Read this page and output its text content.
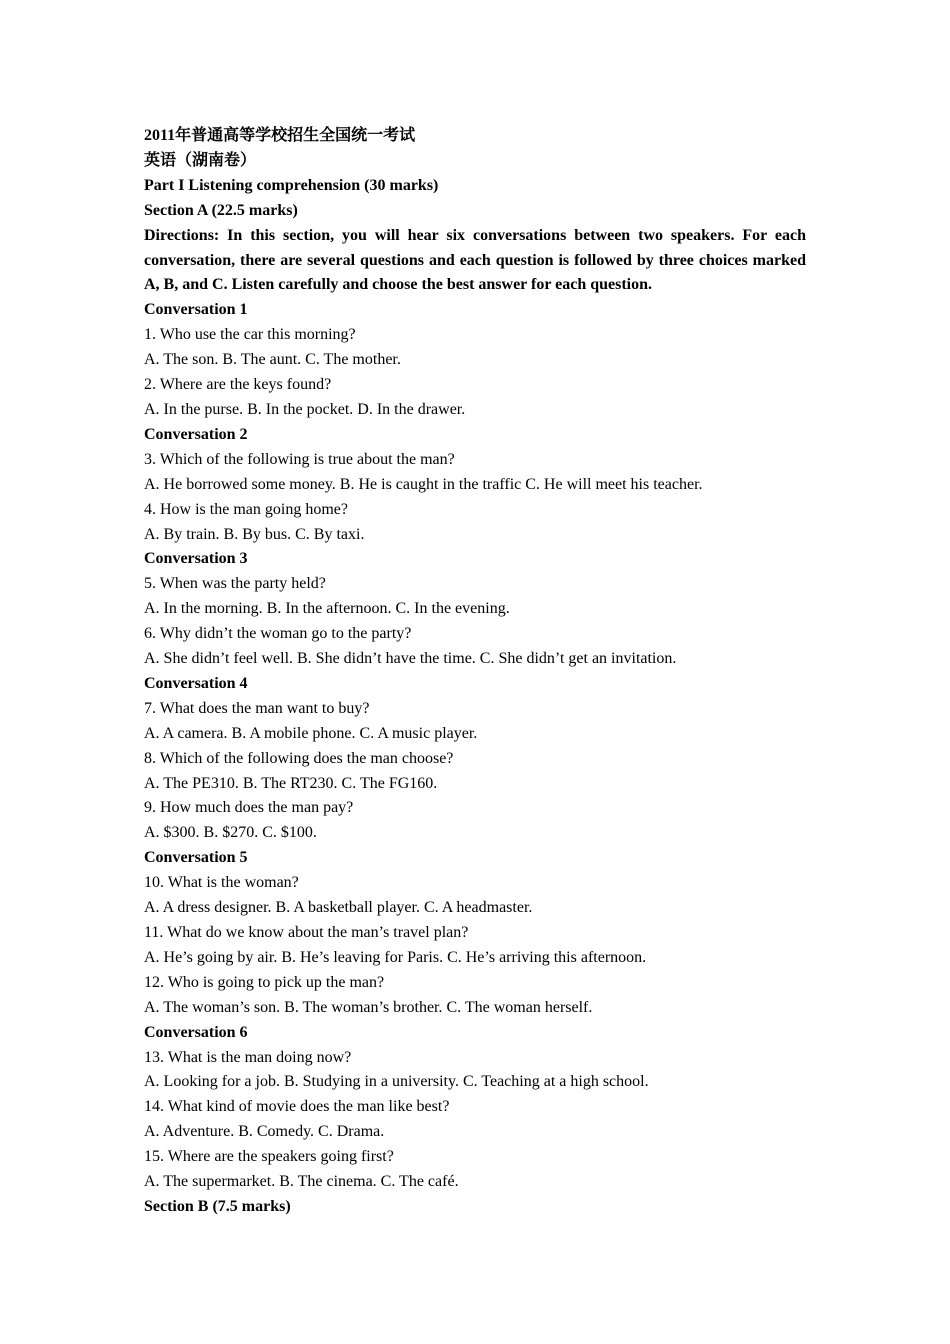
2011年普通高等学校招生全国统一考试

英语（湖南卷）

Part I Listening comprehension (30 marks)

Section A (22.5 marks)

Directions: In this section, you will hear six conversations between two speakers. For each conversation, there are several questions and each question is followed by three choices marked A, B, and C. Listen carefully and choose the best answer for each question.

Conversation 1

1. Who use the car this morning?

A. The son. B. The aunt. C. The mother.

2. Where are the keys found?

A. In the purse. B. In the pocket. D. In the drawer.

Conversation 2

3. Which of the following is true about the man?

A. He borrowed some money. B. He is caught in the traffic C. He will meet his teacher.

4. How is the man going home?

A. By train. B. By bus. C. By taxi.

Conversation 3

5. When was the party held?

A. In the morning. B. In the afternoon. C. In the evening.

6. Why didn’t the woman go to the party?

A. She didn’t feel well. B. She didn’t have the time. C. She didn’t get an invitation.

Conversation 4

7. What does the man want to buy?

A. A camera. B. A mobile phone. C. A music player.

8. Which of the following does the man choose?

A. The PE310. B. The RT230. C. The FG160.

9. How much does the man pay?

A. $300. B. $270. C. $100.

Conversation 5

10. What is the woman?

A. A dress designer. B. A basketball player. C. A headmaster.

11. What do we know about the man’s travel plan?

A. He’s going by air. B. He’s leaving for Paris. C. He’s arriving this afternoon.

12. Who is going to pick up the man?

A. The woman’s son. B. The woman’s brother. C. The woman herself.

Conversation 6

13. What is the man doing now?

A. Looking for a job. B. Studying in a university. C. Teaching at a high school.

14. What kind of movie does the man like best?

A. Adventure. B. Comedy. C. Drama.

15. Where are the speakers going first?

A. The supermarket. B. The cinema. C. The café.

Section B (7.5 marks)
